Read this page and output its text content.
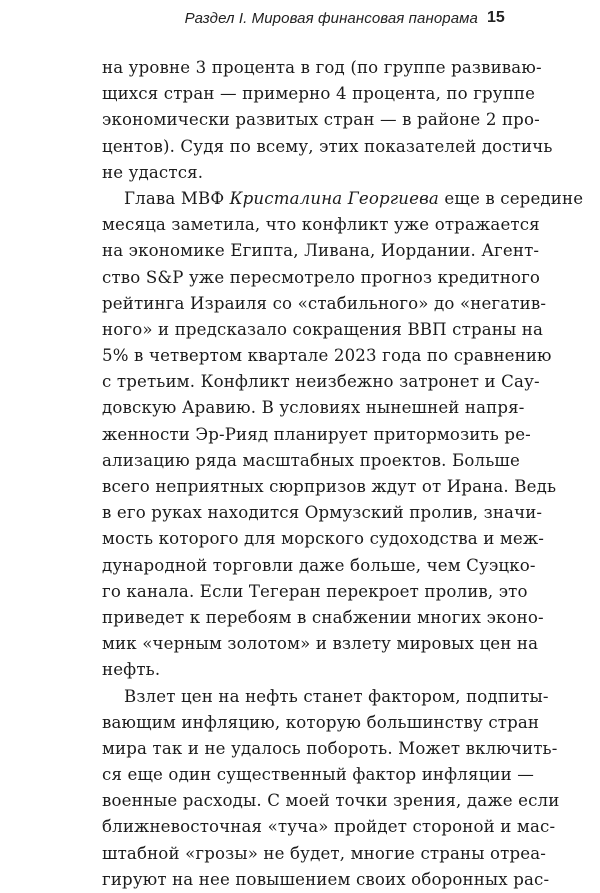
Раздел I. Мировая финансовая панорама 15
на уровне 3 процента в год (по группе развиваю-
щихся стран — примерно 4 процента, по группе
экономически развитых стран — в районе 2 про-
центов). Судя по всему, этих показателей достичь
не удастся.
Глава МВФ Кристалина Георгиева еще в середине
месяца заметила, что конфликт уже отражается
на экономике Египта, Ливана, Иордании. Агент-
ство S&P уже пересмотрело прогноз кредитного
рейтинга Израиля со «стабильного» до «негатив-
ного» и предсказало сокращения ВВП страны на
5% в четвертом квартале 2023 года по сравнению
с третьим. Конфликт неизбежно затронет и Сау-
довскую Аравию. В условиях нынешней напря-
женности Эр-Рияд планирует притормозить ре-
ализацию ряда масштабных проектов. Больше
всего неприятных сюрпризов ждут от Ирана. Ведь
в его руках находится Ормузский пролив, значи-
мость которого для морского судоходства и меж-
дународной торговли даже больше, чем Суэцко-
го канала. Если Тегеран перекроет пролив, это
приведет к перебоям в снабжении многих эконо-
мик «черным золотом» и взлету мировых цен на
нефть.
Взлет цен на нефть станет фактором, подпиты-
вающим инфляцию, которую большинству стран
мира так и не удалось побороть. Может включить-
ся еще один существенный фактор инфляции —
военные расходы. С моей точки зрения, даже если
ближневосточная «туча» пройдет стороной и мас-
штабной «грозы» не будет, многие страны отреа-
гируют на нее повышением своих оборонных рас-
